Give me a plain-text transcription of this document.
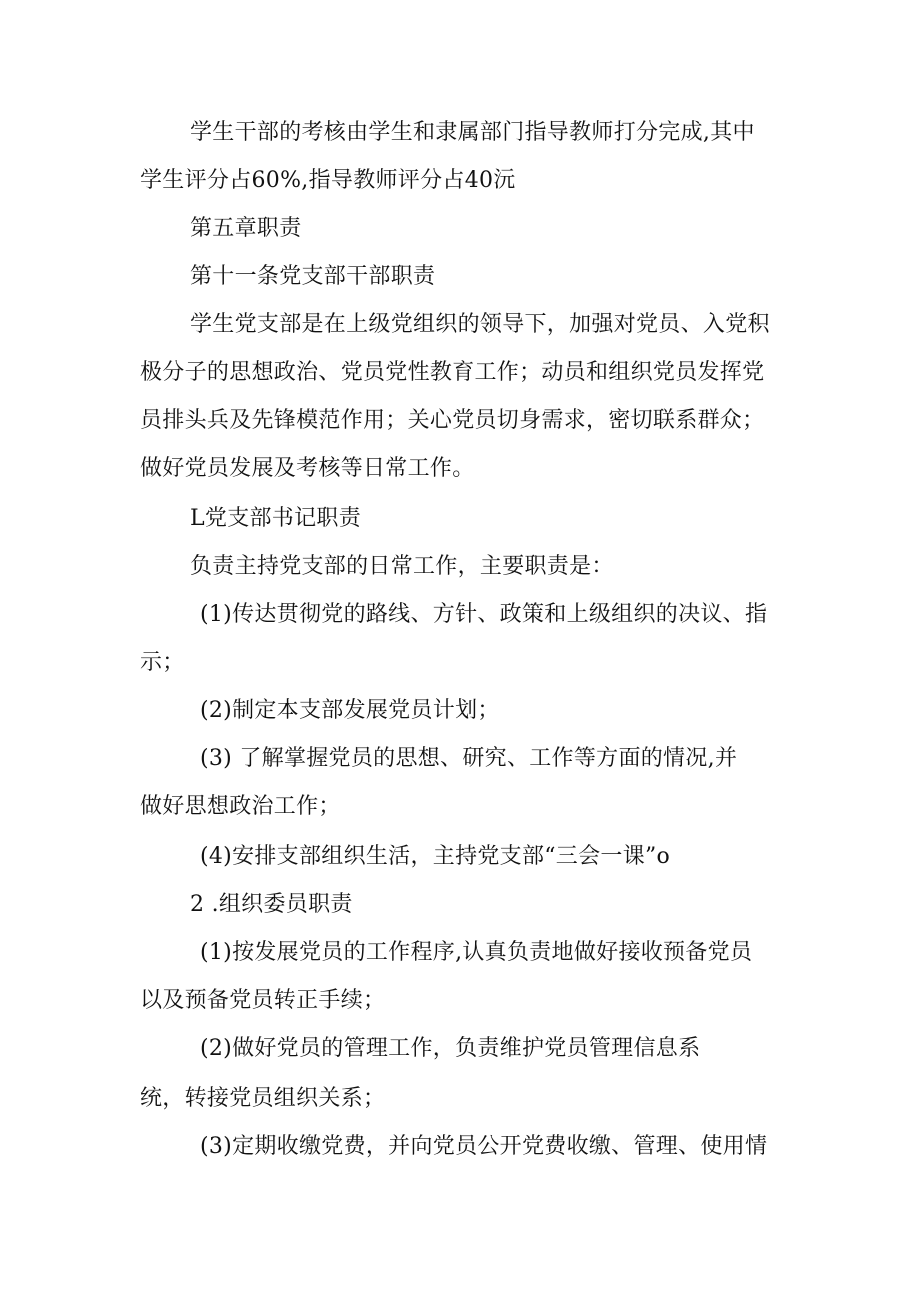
学生干部的考核由学生和隶属部门指导教师打分完成,其中
学生评分占60%,指导教师评分占40沅
第五章职责
第十一条党支部干部职责
学生党支部是在上级党组织的领导下，加强对党员、入党积
极分子的思想政治、党员党性教育工作；动员和组织党员发挥党
员排头兵及先锋模范作用；关心党员切身需求，密切联系群众；
做好党员发展及考核等日常工作。
L党支部书记职责
负责主持党支部的日常工作，主要职责是：
(1)传达贯彻党的路线、方针、政策和上级组织的决议、指
示；
(2)制定本支部发展党员计划；
(3) 了解掌握党员的思想、研究、工作等方面的情况,并
做好思想政治工作；
(4)安排支部组织生活，主持党支部“三会一课”o
2 .组织委员职责
(1)按发展党员的工作程序,认真负责地做好接收预备党员
以及预备党员转正手续；
(2)做好党员的管理工作，负责维护党员管理信息系
统，转接党员组织关系；
(3)定期收缴党费，并向党员公开党费收缴、管理、使用情
